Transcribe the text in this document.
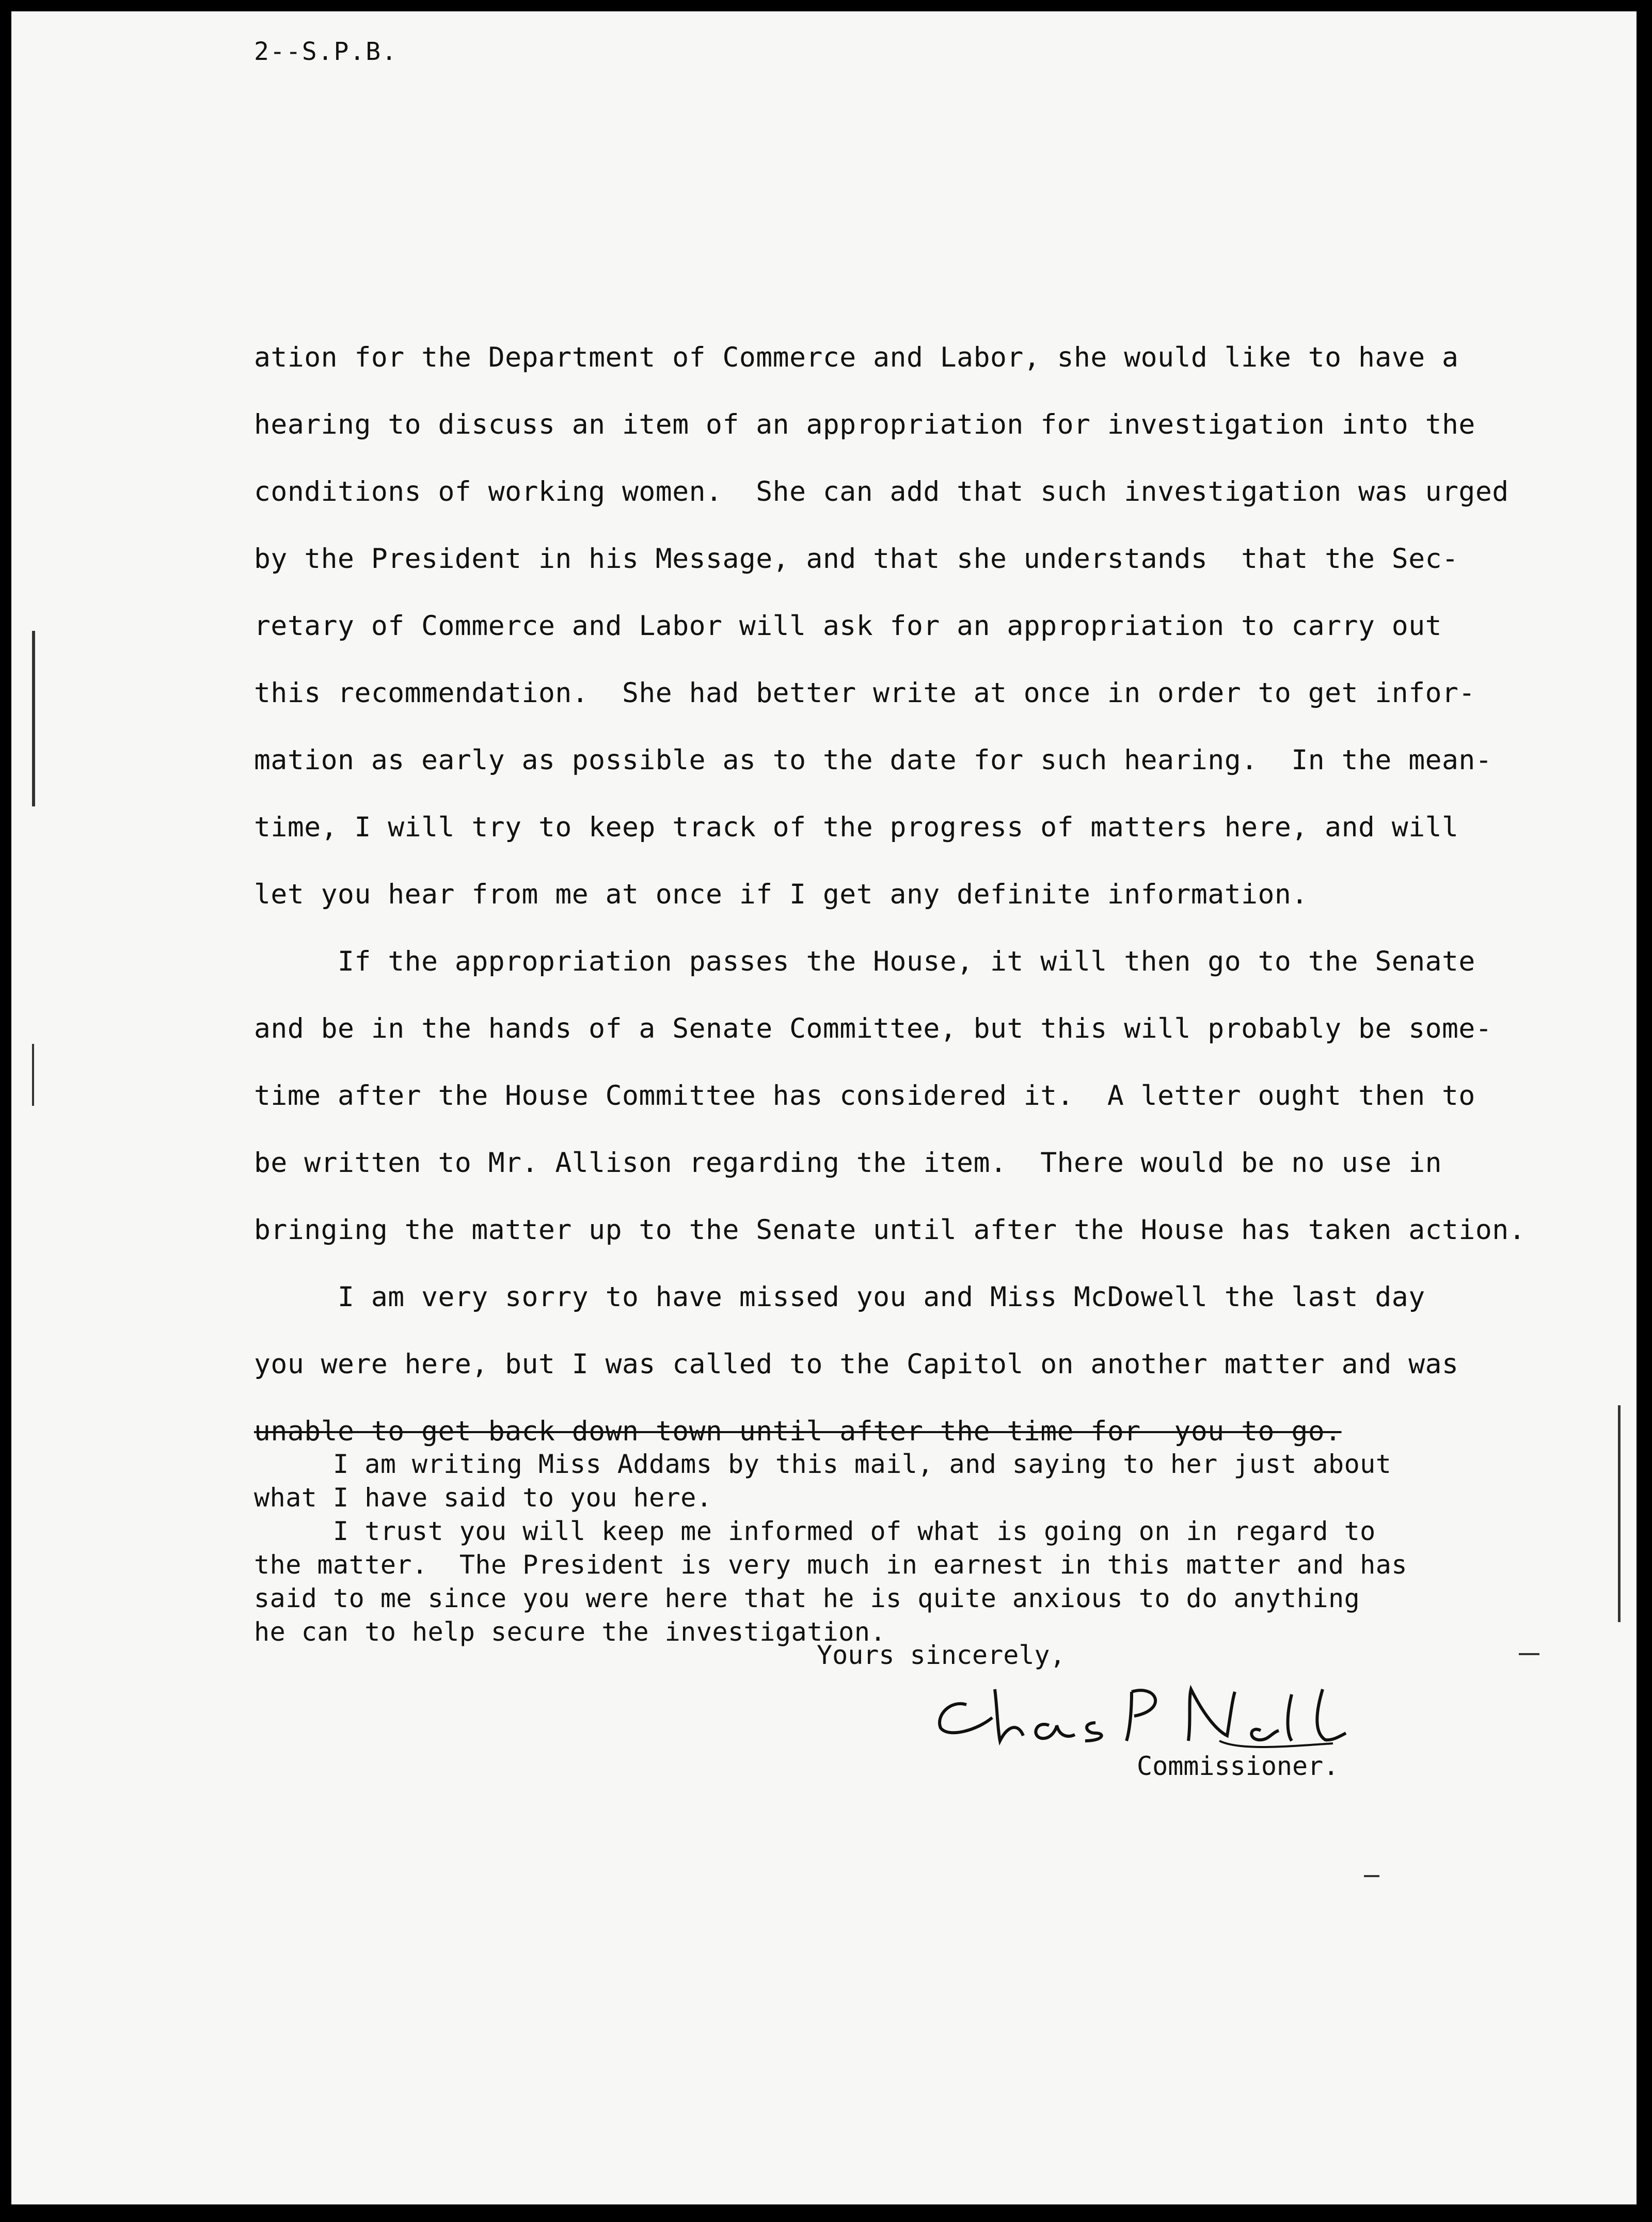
2--S.P.B.
ation for the Department of Commerce and Labor, she would like to have a
hearing to discuss an item of an appropriation for investigation into the
conditions of working women.  She can add that such investigation was urged
by the President in his Message, and that she understands  that the Sec-
retary of Commerce and Labor will ask for an appropriation to carry out
this recommendation.  She had better write at once in order to get infor-
mation as early as possible as to the date for such hearing.  In the mean-
time, I will try to keep track of the progress of matters here, and will
let you hear from me at once if I get any definite information.
If the appropriation passes the House, it will then go to the Senate
and be in the hands of a Senate Committee, but this will probably be some-
time after the House Committee has considered it.  A letter ought then to
be written to Mr. Allison regarding the item.  There would be no use in
bringing the matter up to the Senate until after the House has taken action.
I am very sorry to have missed you and Miss McDowell the last day
you were here, but I was called to the Capitol on another matter and was
unable to get back down town until after the time for  you to go.
I am writing Miss Addams by this mail, and saying to her just about
what I have said to you here.
I trust you will keep me informed of what is going on in regard to
the matter.  The President is very much in earnest in this matter and has
said to me since you were here that he is quite anxious to do anything
he can to help secure the investigation.
Yours sincerely,
Commissioner.
